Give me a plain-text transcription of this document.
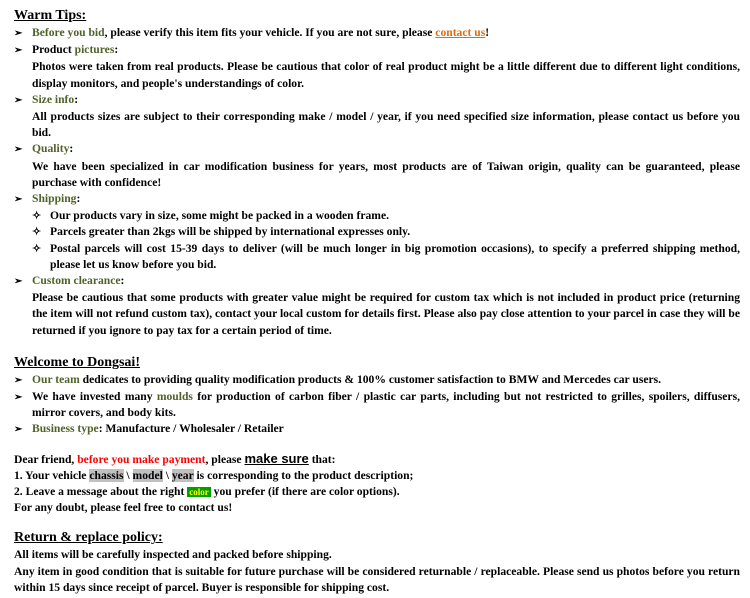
Warm Tips:
➢ Before you bid, please verify this item fits your vehicle. If you are not sure, please contact us!
➢ Product pictures:
Photos were taken from real products. Please be cautious that color of real product might be a little different due to different light conditions, display monitors, and people's understandings of color.
➢ Size info:
All products sizes are subject to their corresponding make / model / year, if you need specified size information, please contact us before you bid.
➢ Quality:
We have been specialized in car modification business for years, most products are of Taiwan origin, quality can be guaranteed, please purchase with confidence!
➢ Shipping:
✧ Our products vary in size, some might be packed in a wooden frame.
✧ Parcels greater than 2kgs will be shipped by international expresses only.
✧ Postal parcels will cost 15-39 days to deliver (will be much longer in big promotion occasions), to specify a preferred shipping method, please let us know before you bid.
➢ Custom clearance:
Please be cautious that some products with greater value might be required for custom tax which is not included in product price (returning the item will not refund custom tax), contact your local custom for details first. Please also pay close attention to your parcel in case they will be returned if you ignore to pay tax for a certain period of time.
Welcome to Dongsai!
➢ Our team dedicates to providing quality modification products & 100% customer satisfaction to BMW and Mercedes car users.
➢ We have invested many moulds for production of carbon fiber / plastic car parts, including but not restricted to grilles, spoilers, diffusers, mirror covers, and body kits.
➢ Business type: Manufacture / Wholesaler / Retailer
Dear friend, before you make payment, please make sure that:
1. Your vehicle chassis \ model \ year is corresponding to the product description;
2. Leave a message about the right color you prefer (if there are color options).
For any doubt, please feel free to contact us!
Return & replace policy:
All items will be carefully inspected and packed before shipping.
Any item in good condition that is suitable for future purchase will be considered returnable / replaceable. Please send us photos before you return within 15 days since receipt of parcel. Buyer is responsible for shipping cost.
